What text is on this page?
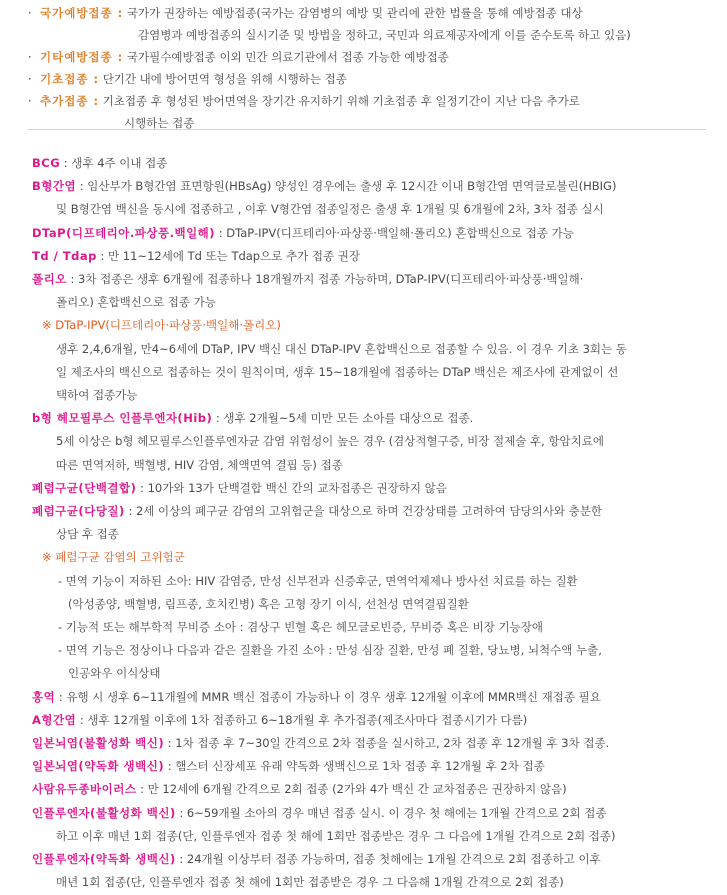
· 국가예방접종 : 국가가 권장하는 예방접종(국가는 감염병의 예방 및 관리에 관한 법률을 통해 예방접종 대상
감염병과 예방접종의 실시기준 및 방법을 정하고, 국민과 의료제공자에게 이를 준수토록 하고 있음)
· 기타예방접종 : 국가필수예방접종 이외 민간 의료기관에서 접종 가능한 예방접종
· 기초접종 : 단기간 내에 방어면역 형성을 위해 시행하는 접종
· 추가접종 : 기초접종 후 형성된 방어면역을 장기간 유지하기 위해 기초접종 후 일정기간이 지난 다음 추가로
시행하는 접종
BCG : 생후 4주 이내 접종
B형간염 : 임산부가 B형간염 표면항원(HBsAg) 양성인 경우에는 출생 후 12시간 이내 B형간염 면역글로불린(HBIG)
및 B형간염 백신을 동시에 접종하고 , 이후 V형간염 접종일정은 출생 후 1개월 및 6개월에 2차, 3차 접종 실시
DTaP(디프테리아.파상풍.백일해) : DTaP-IPV(디프테리아·파상풍·백일해·폴리오) 혼합백신으로 접종 가능
Td / Tdap : 만 11~12세에 Td 또는 Tdap으로 추가 접종 권장
폴리오 : 3차 접종은 생후 6개월에 접종하나 18개월까지 접종 가능하며, DTaP-IPV(디프테리아·파상풍·백일해·
폴리오) 혼합백신으로 접종 가능
※ DTaP-IPV(디프테리아·파상풍·백일해·폴리오)
생후 2,4,6개월, 만4~6세에 DTaP, IPV 백신 대신 DTaP-IPV 혼합백신으로 접종할 수 있음. 이 경우 기초 3회는 동
일 제조사의 백신으로 접종하는 것이 원칙이며, 생후 15~18개월에 접종하는 DTaP 백신은 제조사에 관계없이 선
택하여 접종가능
b형 헤모필루스 인플루엔자(Hib) : 생후 2개월~5세 미만 모든 소아를 대상으로 접종.
5세 이상은 b형 헤모필루스인플루엔자균 감염 위험성이 높은 경우 (겸상적혈구증, 비장 절제술 후, 항암치료에
따른 면역저하, 백혈병, HIV 감염, 체액면역 결핍 등) 접종
폐렴구균(단백결합) : 10가와 13가 단백결합 백신 간의 교차접종은 권장하지 않음
폐렴구균(다당질) : 2세 이상의 폐구균 감염의 고위험군을 대상으로 하며 건강상태를 고려하여 담당의사와 충분한
상담 후 접종
※ 폐렴구균 감염의 고위험군
- 면역 기능이 저하된 소아: HIV 감염증, 만성 신부전과 신증후군, 면역억제제나 방사선 치료를 하는 질환
(악성종양, 백혈병, 림프종, 호치킨병) 혹은 고형 장기 이식, 선천성 면역결핍질환
- 기능적 또는 해부학적 무비증 소아 : 겸상구 빈혈 혹은 헤모글로빈증, 무비증 혹은 비장 기능장애
- 면역 기능은 정상이나 다음과 같은 질환을 가진 소아 : 만성 심장 질환, 만성 폐 질환, 당뇨병, 뇌척수액 누출,
인공와우 이식상태
홍역 : 유행 시 생후 6~11개월에 MMR 백신 접종이 가능하나 이 경우 생후 12개월 이후에 MMR백신 재접종 필요
A형간염 : 생후 12개월 이후에 1차 접종하고 6~18개월 후 추가접종(제조사마다 접종시기가 다름)
일본뇌염(불활성화 백신) : 1차 접종 후 7~30일 간격으로 2차 접종을 실시하고, 2차 접종 후 12개월 후 3차 접종.
일본뇌염(약독화 생백신) : 햄스터 신장세포 유래 약독화 생백신으로 1차 접종 후 12개월 후 2차 접종
사람유두종바이러스 : 만 12세에 6개월 간격으로 2회 접종 (2가와 4가 백신 간 교차접종은 권장하지 않음)
인플루엔자(불활성화 백신) : 6~59개월 소아의 경우 매년 접종 실시. 이 경우 첫 해에는 1개월 간격으로 2회 접종
하고 이후 매년 1회 접종(단, 인플루엔자 접종 첫 해에 1회만 접종받은 경우 그 다음에 1개월 간격으로 2회 접종)
인플루엔자(약독화 생백신) : 24개월 이상부터 접종 가능하며, 접종 첫해에는 1개월 간격으로 2회 접종하고 이후
매년 1회 접종(단, 인플루엔자 접종 첫 해에 1회만 접종받은 경우 그 다음해 1개월 간격으로 2회 접종)
